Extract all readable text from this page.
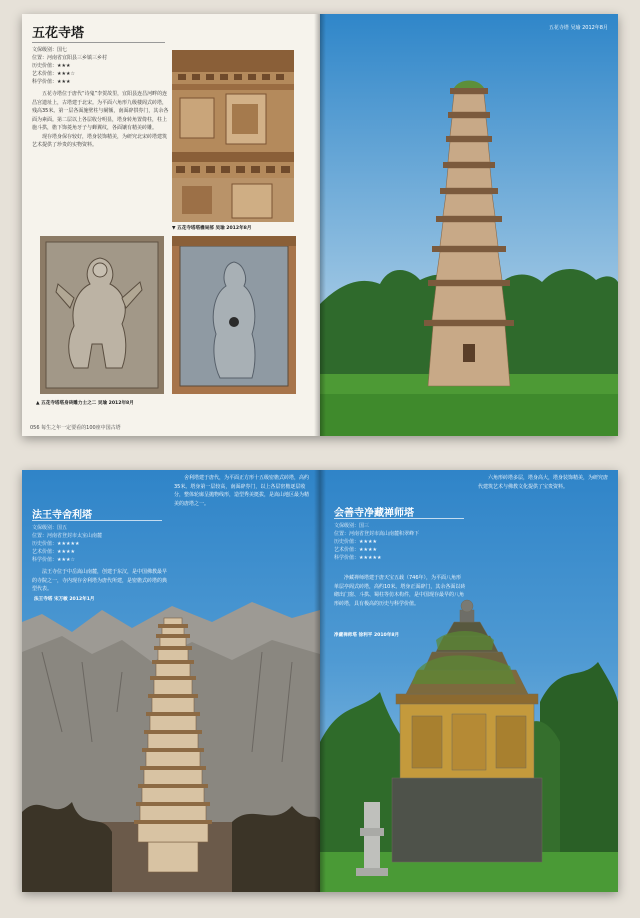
五花寺塔
文保级别：国七
位置：河南省宜阳县三乡镇三乡村
历史价值：★★★
艺术价值：★★★☆
科学价值：★★★

五花寺塔位于唐代“诗鬼”李贺故里，宜阳县连昌河畔的连昌宫遗址上，古塔建于北宋。为平面六角形九级楼阁式砖塔，残高35米。第一层各面施壁柱与阑额，南面辟拱券门，其余各面为素面。第二层以上各层收分明显，塔身转角置倚柱，柱上施斗拱，檐下饰菱角牙子与蝉翼纹，各面镶有精美砖雕。

现存塔身保存较好，塔身装饰精美，为研究北宋砖塔建筑艺术提供了珍贵的实物资料。

▼ 五花寺塔塔檐局部 吴瑜 2012年8月
▲ 五花寺塔塔身砖雕力士之二 吴瑜 2012年8月
056 每生之年一定要看的100座中国古塔
五花寺塔 吴瑜 2012年8月
法王寺舍利塔
文保级别：国五
位置：河南省登封市太室山南麓
历史价值：★★★★★
艺术价值：★★★★
科学价值：★★★☆

法王寺位于中岳嵩山南麓，创建于东汉，是中国佛教最早的寺院之一，寺内现存舍利塔为唐代所建，是密檐式砖塔的典型代表。

舍利塔建于唐代，为平面正方形十五级密檐式砖塔，高约35米。塔身第一层较高，南面辟券门，以上各层密檐逐层收分，整体轮廓呈抛物线形，造型秀美挺拔，是嵩山地区最为精美的唐塔之一。

法王寺塔 宋万敏 2012年1月
会善寺净藏禅师塔
文保级别：国三
位置：河南省登封市嵩山南麓积翠峰下
历史价值：★★★★
艺术价值：★★★★
科学价值：★★★★★

净藏禅师塔建于唐天宝五载（746年），为平面八角形单层亭阁式砖塔，高约10米。塔身正面辟门，其余各面以砖砌出门窗、斗拱、蜀柱等仿木构件，是中国现存最早的八角形砖塔，具有极高的历史与科学价值。

六角形砖塔多层，塔身高大，塔身装饰精美，为研究唐代建筑艺术与佛教文化提供了宝贵资料。

净藏禅师塔 徐利平 2010年8月
